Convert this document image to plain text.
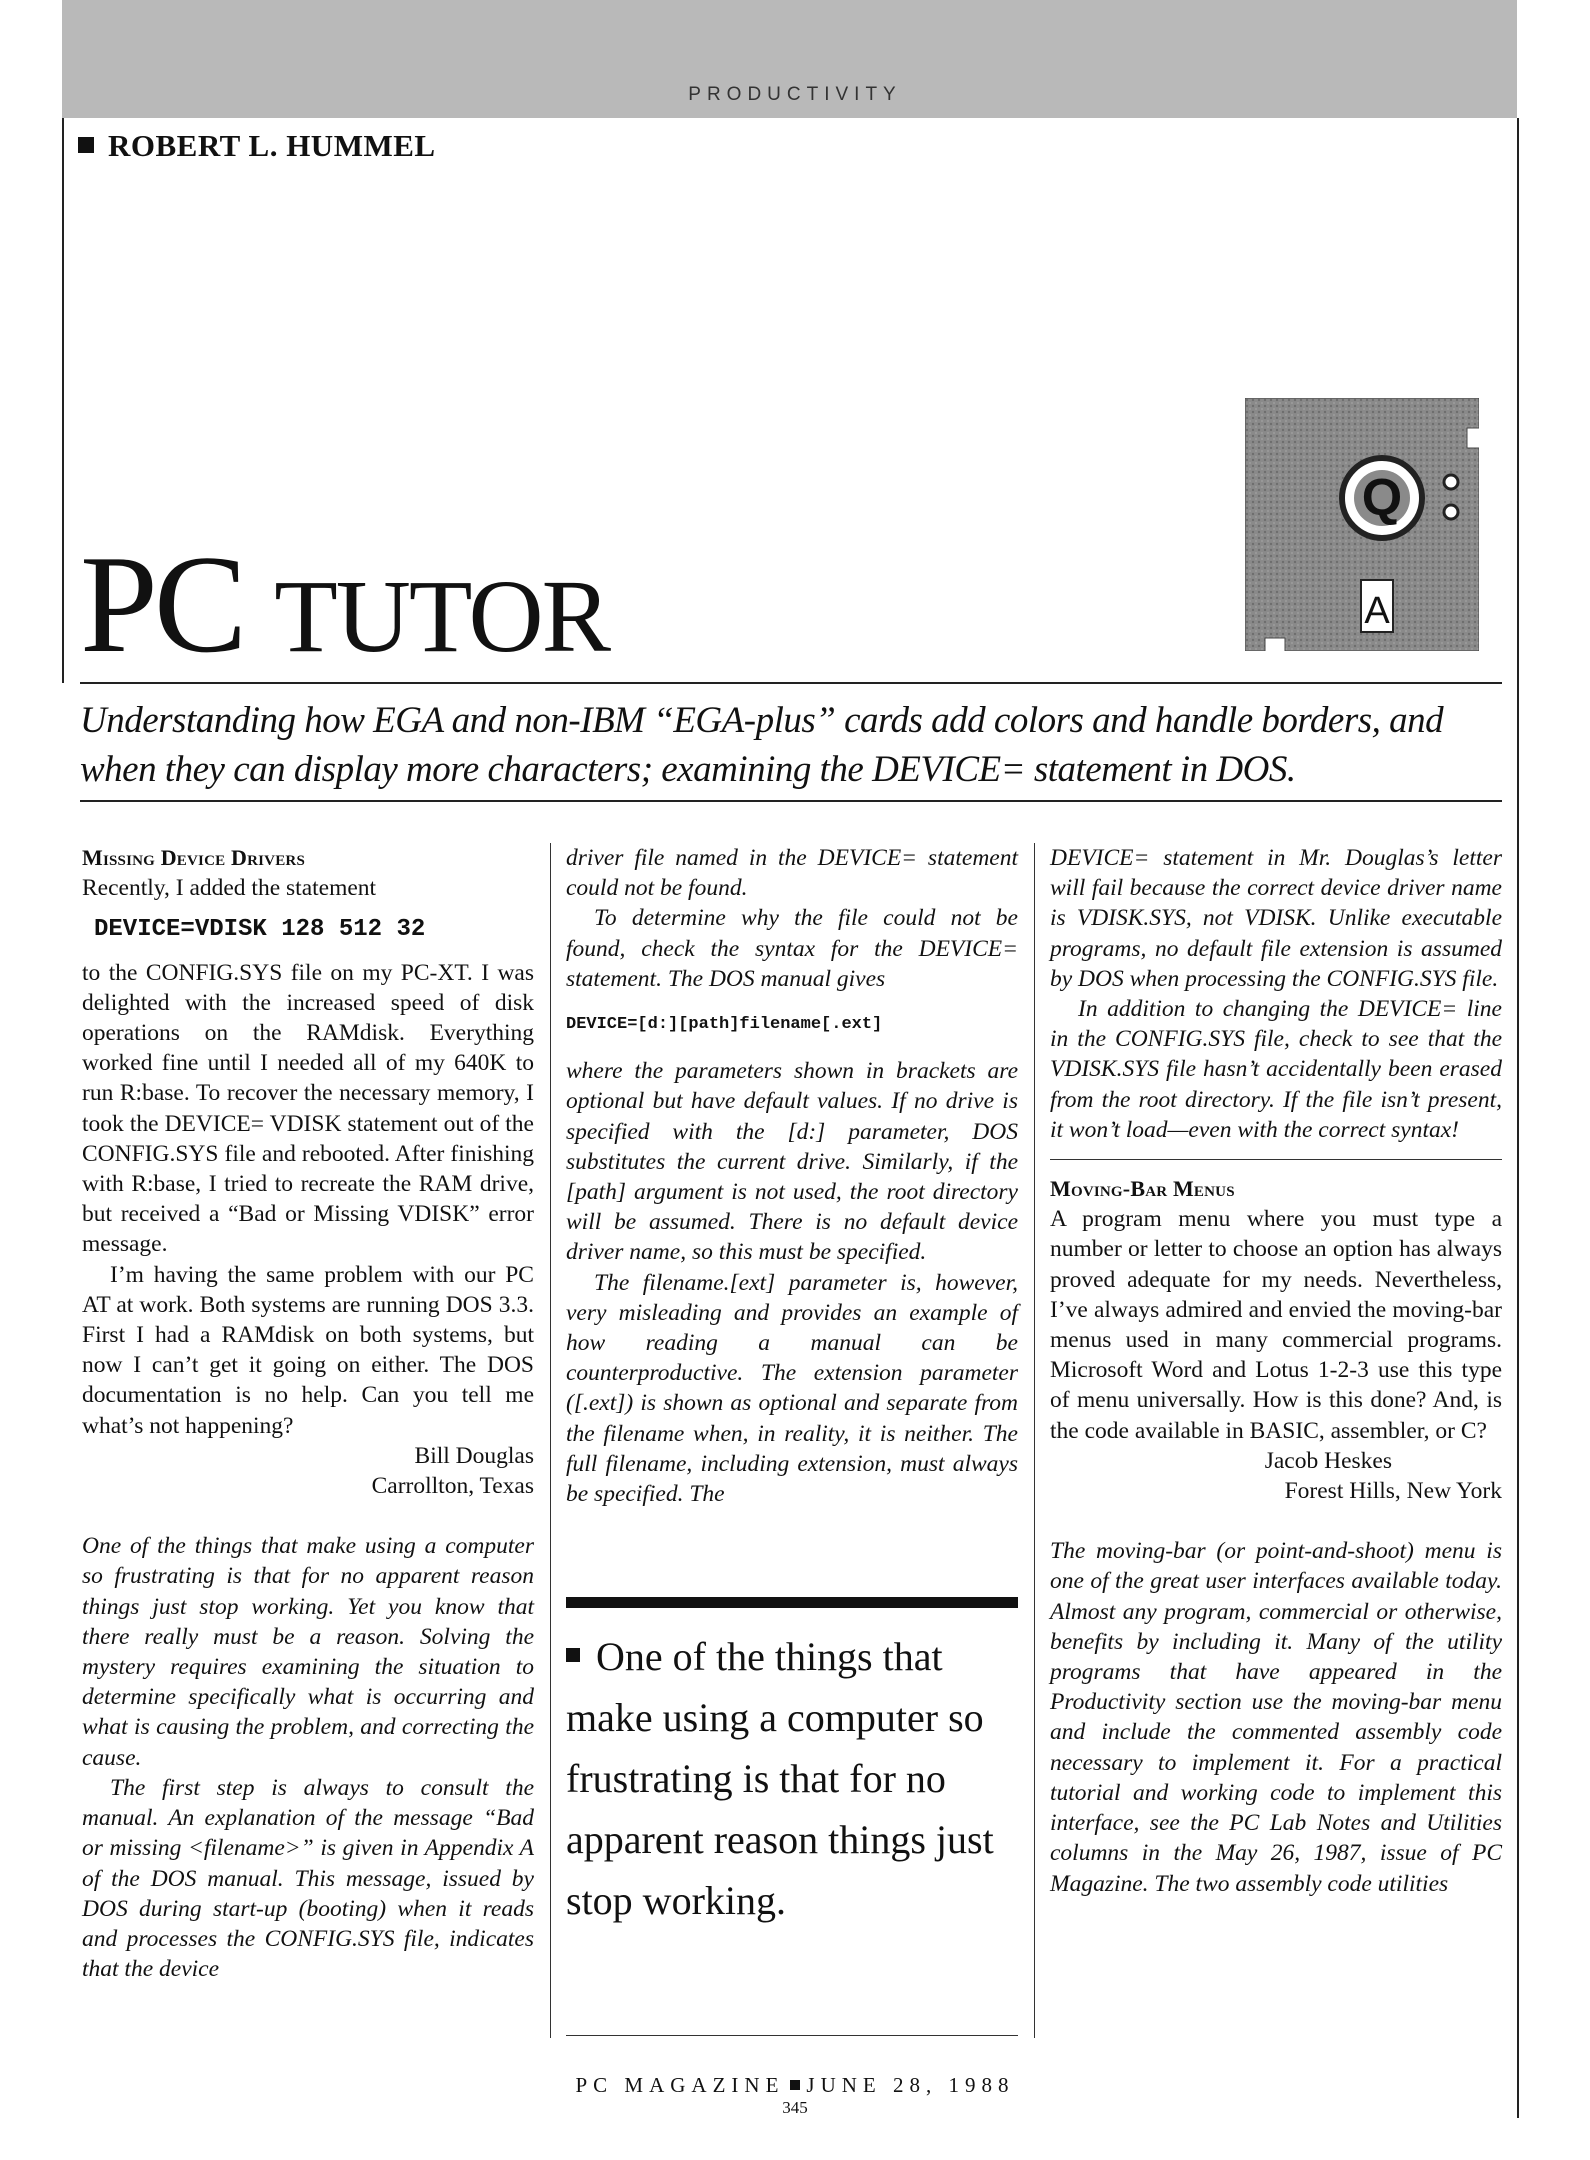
PRODUCTIVITY
ROBERT L. HUMMEL
PC TUTOR
Q
A
Understanding how EGA and non-IBM “EGA-plus” cards add colors and handle borders, and when they can display more characters; examining the DEVICE= statement in DOS.

Missing Device Drivers

Recently, I added the statement

DEVICE=VDISK 128 512 32

to the CONFIG.SYS file on my PC-XT. I was delighted with the increased speed of disk operations on the RAMdisk. Everything worked fine until I needed all of my 640K to run R:base. To recover the necessary memory, I took the DEVICE= VDISK statement out of the CONFIG.SYS file and rebooted. After finishing with R:base, I tried to recreate the RAM drive, but received a “Bad or Missing VDISK” error message.

I’m having the same problem with our PC AT at work. Both systems are running DOS 3.3. First I had a RAMdisk on both systems, but now I can’t get it going on either. The DOS documentation is no help. Can you tell me what’s not happening?

Bill Douglas

Carrollton, Texas

One of the things that make using a computer so frustrating is that for no apparent reason things just stop working. Yet you know that there really must be a reason. Solving the mystery requires examining the situation to determine specifically what is occurring and what is causing the problem, and correcting the cause.

The first step is always to consult the manual. An explanation of the message “Bad or missing <filename>” is given in Appendix A of the DOS manual. This message, issued by DOS during start-up (booting) when it reads and processes the CONFIG.SYS file, indicates that the device

driver file named in the DEVICE= statement could not be found.

To determine why the file could not be found, check the syntax for the DEVICE= statement. The DOS manual gives

DEVICE=[d:][path]filename[.ext]

where the parameters shown in brackets are optional but have default values. If no drive is specified with the [d:] parameter, DOS substitutes the current drive. Similarly, if the [path] argument is not used, the root directory will be assumed. There is no default device driver name, so this must be specified.

The filename.[ext] parameter is, however, very misleading and provides an example of how reading a manual can be counterproductive. The extension parameter ([.ext]) is shown as optional and separate from the filename when, in reality, it is neither. The full filename, including extension, must always be specified. The

One of the things that make using a computer so frustrating is that for no apparent reason things just stop working.

DEVICE= statement in Mr. Douglas’s letter will fail because the correct device driver name is VDISK.SYS, not VDISK. Unlike executable programs, no default file extension is assumed by DOS when processing the CONFIG.SYS file.

In addition to changing the DEVICE= line in the CONFIG.SYS file, check to see that the VDISK.SYS file hasn’t accidentally been erased from the root directory. If the file isn’t present, it won’t load—even with the correct syntax!

Moving-Bar Menus

A program menu where you must type a number or letter to choose an option has always proved adequate for my needs. Nevertheless, I’ve always admired and envied the moving-bar menus used in many commercial programs. Microsoft Word and Lotus 1-2-3 use this type of menu universally. How is this done? And, is the code available in BASIC, assembler, or C?

Jacob Heskes

Forest Hills, New York

The moving-bar (or point-and-shoot) menu is one of the great user interfaces available today. Almost any program, commercial or otherwise, benefits by including it. Many of the utility programs that have appeared in the Productivity section use the moving-bar menu and include the commented assembly code necessary to implement it. For a practical tutorial and working code to implement this interface, see the PC Lab Notes and Utilities columns in the May 26, 1987, issue of PC Magazine. The two assembly code utilities

PC MAGAZINE JUNE 28, 1988
345
